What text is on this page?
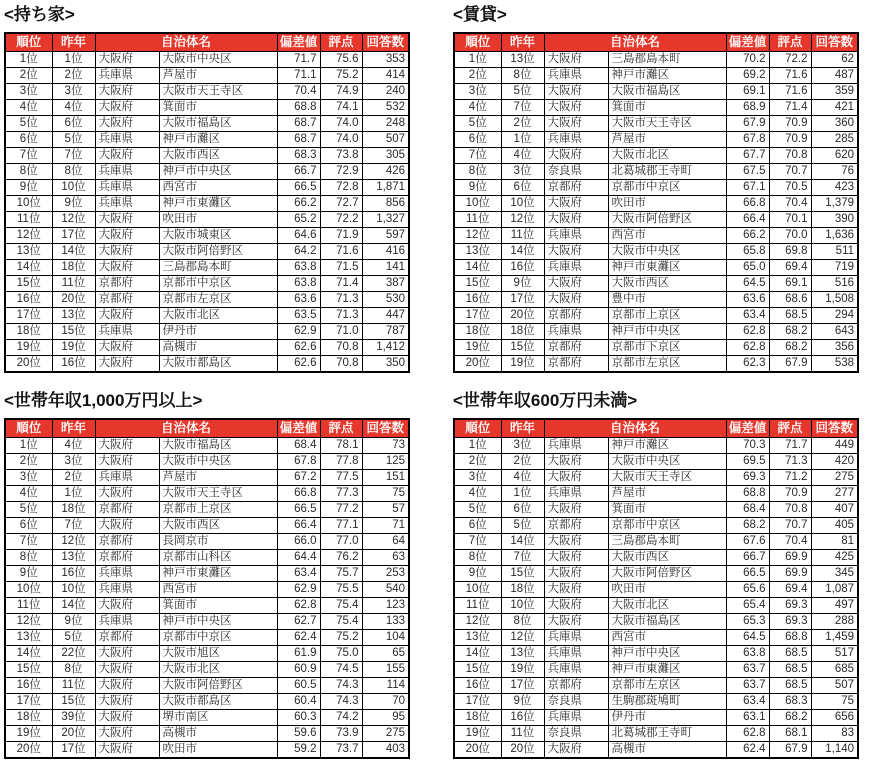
<持ち家>
順位	昨年	自治体名		偏差値	評点	回答数
1位	1位	大阪府	大阪市中央区	71.7	75.6	353
2位	2位	兵庫県	芦屋市	71.1	75.2	414
3位	3位	大阪府	大阪市天王寺区	70.4	74.9	240
4位	4位	大阪府	箕面市	68.8	74.1	532
5位	6位	大阪府	大阪市福島区	68.7	74.0	248
6位	5位	兵庫県	神戸市灘区	68.7	74.0	507
7位	7位	大阪府	大阪市西区	68.3	73.8	305
8位	8位	兵庫県	神戸市中央区	66.7	72.9	426
9位	10位	兵庫県	西宮市	66.5	72.8	1,871
10位	9位	兵庫県	神戸市東灘区	66.2	72.7	856
11位	12位	大阪府	吹田市	65.2	72.2	1,327
12位	17位	大阪府	大阪市城東区	64.6	71.9	597
13位	14位	大阪府	大阪市阿倍野区	64.2	71.6	416
14位	18位	大阪府	三島郡島本町	63.8	71.5	141
15位	11位	京都府	京都市中京区	63.8	71.4	387
16位	20位	京都府	京都市左京区	63.6	71.3	530
17位	13位	大阪府	大阪市北区	63.5	71.3	447
18位	15位	兵庫県	伊丹市	62.9	71.0	787
19位	19位	大阪府	高槻市	62.6	70.8	1,412
20位	16位	大阪府	大阪市都島区	62.6	70.8	350
<賃貸>
順位	昨年	自治体名		偏差値	評点	回答数
1位	13位	大阪府	三島郡島本町	70.2	72.2	62
2位	8位	兵庫県	神戸市灘区	69.2	71.6	487
3位	5位	大阪府	大阪市福島区	69.1	71.6	359
4位	7位	大阪府	箕面市	68.9	71.4	421
5位	2位	大阪府	大阪市天王寺区	67.9	70.9	360
6位	1位	兵庫県	芦屋市	67.8	70.9	285
7位	4位	大阪府	大阪市北区	67.7	70.8	620
8位	3位	奈良県	北葛城郡王寺町	67.5	70.7	76
9位	6位	京都府	京都市中京区	67.1	70.5	423
10位	10位	大阪府	吹田市	66.8	70.4	1,379
11位	12位	大阪府	大阪市阿倍野区	66.4	70.1	390
12位	11位	兵庫県	西宮市	66.2	70.0	1,636
13位	14位	大阪府	大阪市中央区	65.8	69.8	511
14位	16位	兵庫県	神戸市東灘区	65.0	69.4	719
15位	9位	大阪府	大阪市西区	64.5	69.1	516
16位	17位	大阪府	豊中市	63.6	68.6	1,508
17位	20位	京都府	京都市上京区	63.4	68.5	294
18位	18位	兵庫県	神戸市中央区	62.8	68.2	643
19位	15位	京都府	京都市下京区	62.8	68.2	356
20位	19位	京都府	京都市左京区	62.3	67.9	538
<世帯年収1,000万円以上>
順位	昨年	自治体名		偏差値	評点	回答数
1位	4位	大阪府	大阪市福島区	68.4	78.1	73
2位	3位	大阪府	大阪市中央区	67.8	77.8	125
3位	2位	兵庫県	芦屋市	67.2	77.5	151
4位	1位	大阪府	大阪市天王寺区	66.8	77.3	75
5位	18位	京都府	京都市上京区	66.5	77.2	57
6位	7位	大阪府	大阪市西区	66.4	77.1	71
7位	12位	京都府	長岡京市	66.0	77.0	64
8位	13位	京都府	京都市山科区	64.4	76.2	63
9位	16位	兵庫県	神戸市東灘区	63.4	75.7	253
10位	10位	兵庫県	西宮市	62.9	75.5	540
11位	14位	大阪府	箕面市	62.8	75.4	123
12位	9位	兵庫県	神戸市中央区	62.7	75.4	133
13位	5位	京都府	京都市中京区	62.4	75.2	104
14位	22位	大阪府	大阪市旭区	61.9	75.0	65
15位	8位	大阪府	大阪市北区	60.9	74.5	155
16位	11位	大阪府	大阪市阿倍野区	60.5	74.3	114
17位	15位	大阪府	大阪市都島区	60.4	74.3	70
18位	39位	大阪府	堺市南区	60.3	74.2	95
19位	20位	大阪府	高槻市	59.6	73.9	275
20位	17位	大阪府	吹田市	59.2	73.7	403
<世帯年収600万円未満>
順位	昨年	自治体名		偏差値	評点	回答数
1位	3位	兵庫県	神戸市灘区	70.3	71.7	449
2位	2位	大阪府	大阪市中央区	69.5	71.3	420
3位	4位	大阪府	大阪市天王寺区	69.3	71.2	275
4位	1位	兵庫県	芦屋市	68.8	70.9	277
5位	6位	大阪府	箕面市	68.4	70.8	407
6位	5位	京都府	京都市中京区	68.2	70.7	405
7位	14位	大阪府	三島郡島本町	67.6	70.4	81
8位	7位	大阪府	大阪市西区	66.7	69.9	425
9位	15位	大阪府	大阪市阿倍野区	66.5	69.9	345
10位	18位	大阪府	吹田市	65.6	69.4	1,087
11位	10位	大阪府	大阪市北区	65.4	69.3	497
12位	8位	大阪府	大阪市福島区	65.3	69.3	288
13位	12位	兵庫県	西宮市	64.5	68.8	1,459
14位	13位	兵庫県	神戸市中央区	63.8	68.5	517
15位	19位	兵庫県	神戸市東灘区	63.7	68.5	685
16位	17位	京都府	京都市左京区	63.7	68.5	507
17位	9位	奈良県	生駒郡斑鳩町	63.4	68.3	75
18位	16位	兵庫県	伊丹市	63.1	68.2	656
19位	11位	奈良県	北葛城郡王寺町	62.8	68.1	83
20位	20位	大阪府	高槻市	62.4	67.9	1,140
